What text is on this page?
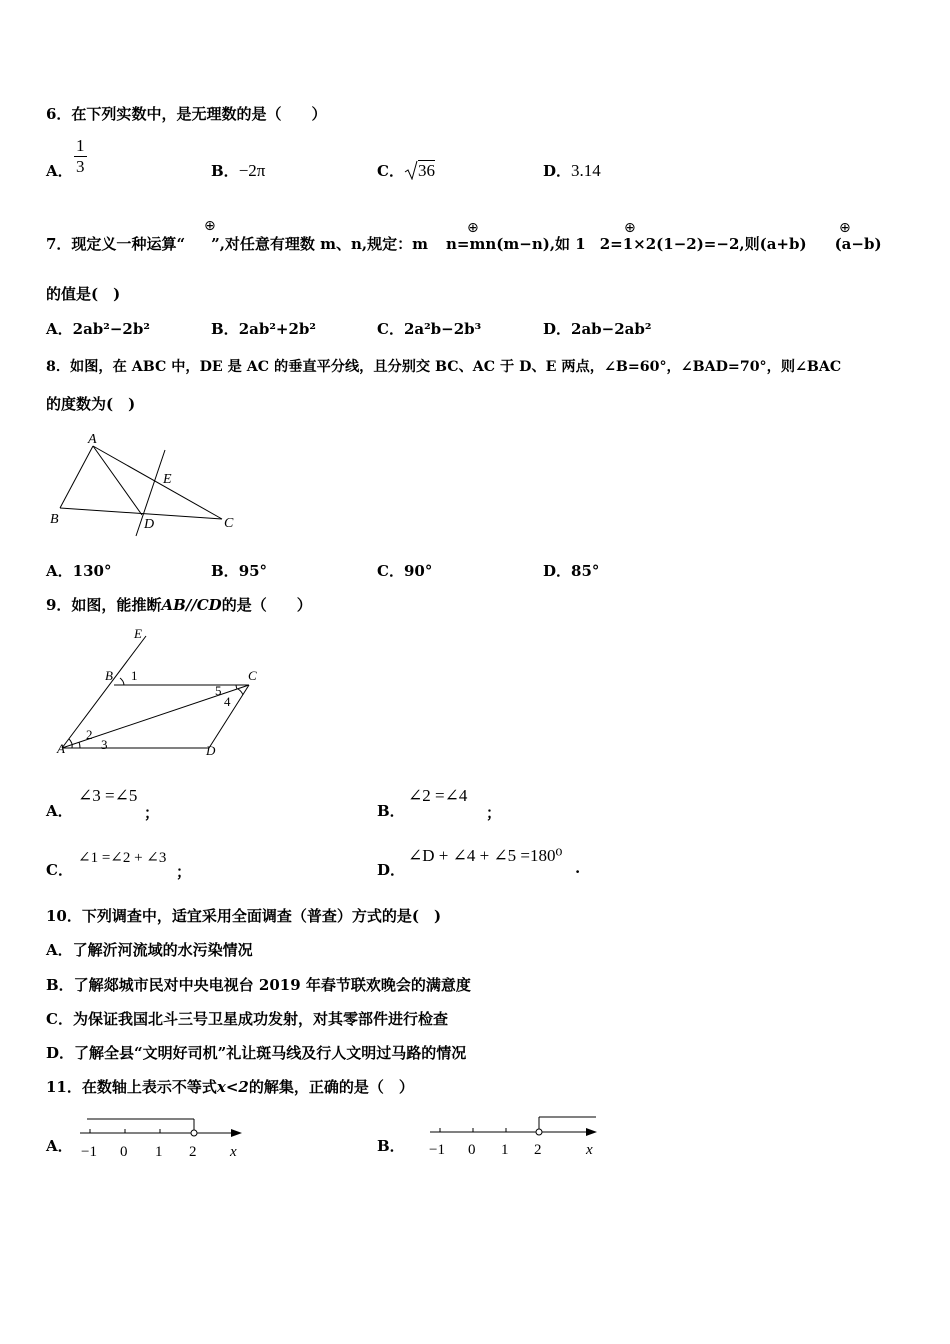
6．在下列实数中，是无理数的是（　　）
A． $\frac{1}{3}$	B．−2π	C． 36	D．3.14
7．现定义一种运算“ ”,对任意有理数 m、n,规定：m n=mn(m−n),如 1 2=1×2(1−2)=−2,则(a+b) (a−b)
⊕	⊕	⊕	⊕
的值是(　)
A．2ab²−2b²	B．2ab²+2b²	C．2a²b−2b³	D．2ab−2ab²
8．如图，在 ABC 中，DE 是 AC 的垂直平分线，且分别交 BC、AC 于 D、E 两点，∠B=60°，∠BAD=70°，则∠BAC
的度数为(　)
A
B	C
D
E
A．130°	B．95°	C．90°	D．85°
9．如图，能推断AB//CD的是（　　）
E
B	C
A	D
1
2
3
4
5
A．
∠3 =∠5
；	B．
∠2 =∠4
；
C．
∠1 =∠2 + ∠3
；	D．
∠D + ∠4 + ∠5 =180⁰
.
10．下列调查中，适宜采用全面调查（普查）方式的是(　)
A．了解沂河流域的水污染情况
B．了解郯城市民对中央电视台 2019 年春节联欢晚会的满意度
C．为保证我国北斗三号卫星成功发射，对其零部件进行检查
D．了解全县“文明好司机”礼让斑马线及行人文明过马路的情况
11．在数轴上表示不等式x<2的解集，正确的是（　）
A． −1 0 1 2 x	B． −1 0 1 2	x
